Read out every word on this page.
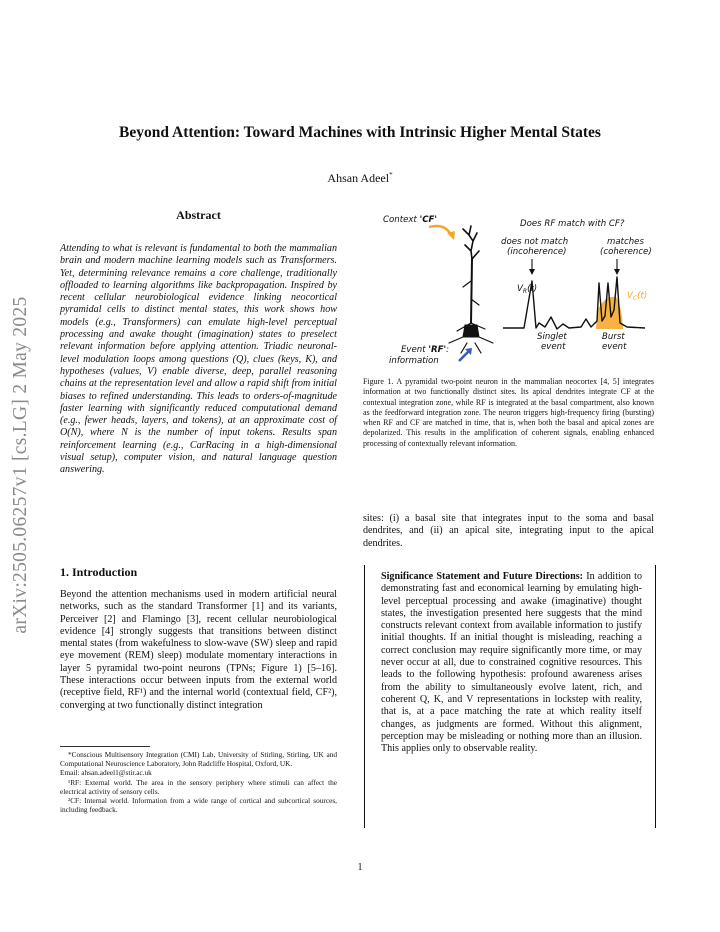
arXiv:2505.06257v1 [cs.LG] 2 May 2025
Beyond Attention: Toward Machines with Intrinsic Higher Mental States
Ahsan Adeel*
Abstract
Attending to what is relevant is fundamental to both the mammalian brain and modern machine learning models such as Transformers. Yet, determining relevance remains a core challenge, traditionally offloaded to learning algorithms like backpropagation. Inspired by recent cellular neurobiological evidence linking neocortical pyramidal cells to distinct mental states, this work shows how models (e.g., Transformers) can emulate high-level perceptual processing and awake thought (imagination) states to preselect relevant information before applying attention. Triadic neuronal-level modulation loops among questions (Q), clues (keys, K), and hypotheses (values, V) enable diverse, deep, parallel reasoning chains at the representation level and allow a rapid shift from initial biases to refined understanding. This leads to orders-of-magnitude faster learning with significantly reduced computational demand (e.g., fewer heads, layers, and tokens), at an approximate cost of O(N), where N is the number of input tokens. Results span reinforcement learning (e.g., CarRacing in a high-dimensional visual setup), computer vision, and natural language question answering.
1. Introduction
Beyond the attention mechanisms used in modern artificial neural networks, such as the standard Transformer [1] and its variants, Perceiver [2] and Flamingo [3], recent cellular neurobiological evidence [4] strongly suggests that transitions between distinct mental states (from wakefulness to slow-wave (SW) sleep and rapid eye movement (REM) sleep) modulate momentary interactions in layer 5 pyramidal two-point neurons (TPNs; Figure 1) [5–16]. These interactions occur between inputs from the external world (receptive field, RF¹) and the internal world (contextual field, CF²), converging at two functionally distinct integration

*Conscious Multisensory Integration (CMI) Lab, University of Stirling, Stirling, UK and Computational Neuroscience Laboratory, John Radcliffe Hospital, Oxford, UK.

Email: ahsan.adeel1@stir.ac.uk

¹RF: External world. The area in the sensory periphery where stimuli can affect the electrical activity of sensory cells.

²CF: Internal world. Information from a wide range of cortical and subcortical sources, including feedback.

Context 'CF'
Event 'RF':
information
Does RF match with CF?
does not match
(incoherence)
matches
(coherence)
$V_R(t)$
$V_C(t)$
Singlet
event
Burst
event
Figure 1. A pyramidal two-point neuron in the mammalian neocortex [4, 5] integrates information at two functionally distinct sites. Its apical dendrites integrate CF at the contextual integration zone, while RF is integrated at the basal compartment, also known as the feedforward integration zone. The neuron triggers high-frequency firing (bursting) when RF and CF are matched in time, that is, when both the basal and apical zones are depolarized. This results in the amplification of coherent signals, enabling enhanced processing of contextually relevant information.
sites: (i) a basal site that integrates input to the soma and basal dendrites, and (ii) an apical site, integrating input to the apical dendrites.
Significance Statement and Future Directions: In addition to demonstrating fast and economical learning by emulating high-level perceptual processing and awake (imaginative) thought states, the investigation presented here suggests that the mind constructs relevant context from available information to justify initial thoughts. If an initial thought is misleading, reaching a correct conclusion may require significantly more time, or may never occur at all, due to constrained cognitive resources. This leads to the following hypothesis: profound awareness arises from the ability to simultaneously evolve latent, rich, and coherent Q, K, and V representations in lockstep with reality, that is, at a pace matching the rate at which reality itself changes, as judgments are formed. Without this alignment, perception may be misleading or nothing more than an illusion. This applies only to observable reality.
1
